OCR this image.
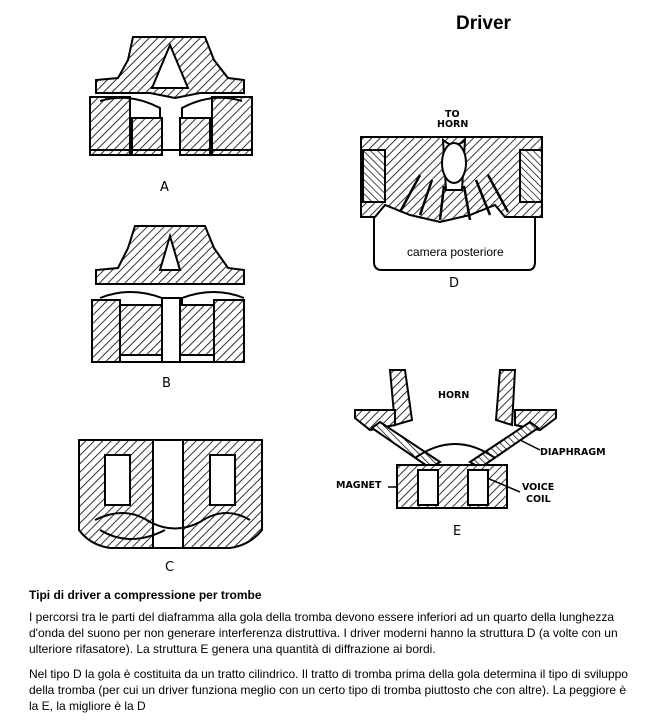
Driver
A
B
C
TO
HORN
camera posteriore
D
HORN
DIAPHRAGM
MAGNET	VOICE
COIL
E
Tipi di driver a compressione per trombe

I percorsi tra le parti del diaframma alla gola della tromba devono essere inferiori ad un quarto della lunghezza d'onda del suono per non generare interferenza distruttiva. I driver moderni hanno la struttura D (a volte con un ulteriore rifasatore). La struttura E genera una quantità di diffrazione ai bordi.

Nel tipo D la gola è costituita da un tratto cilindrico. Il tratto di tromba prima della gola determina il tipo di sviluppo della tromba (per cui un driver funziona meglio con un certo tipo di tromba piuttosto che con altre). La peggiore è la E, la migliore è la D
